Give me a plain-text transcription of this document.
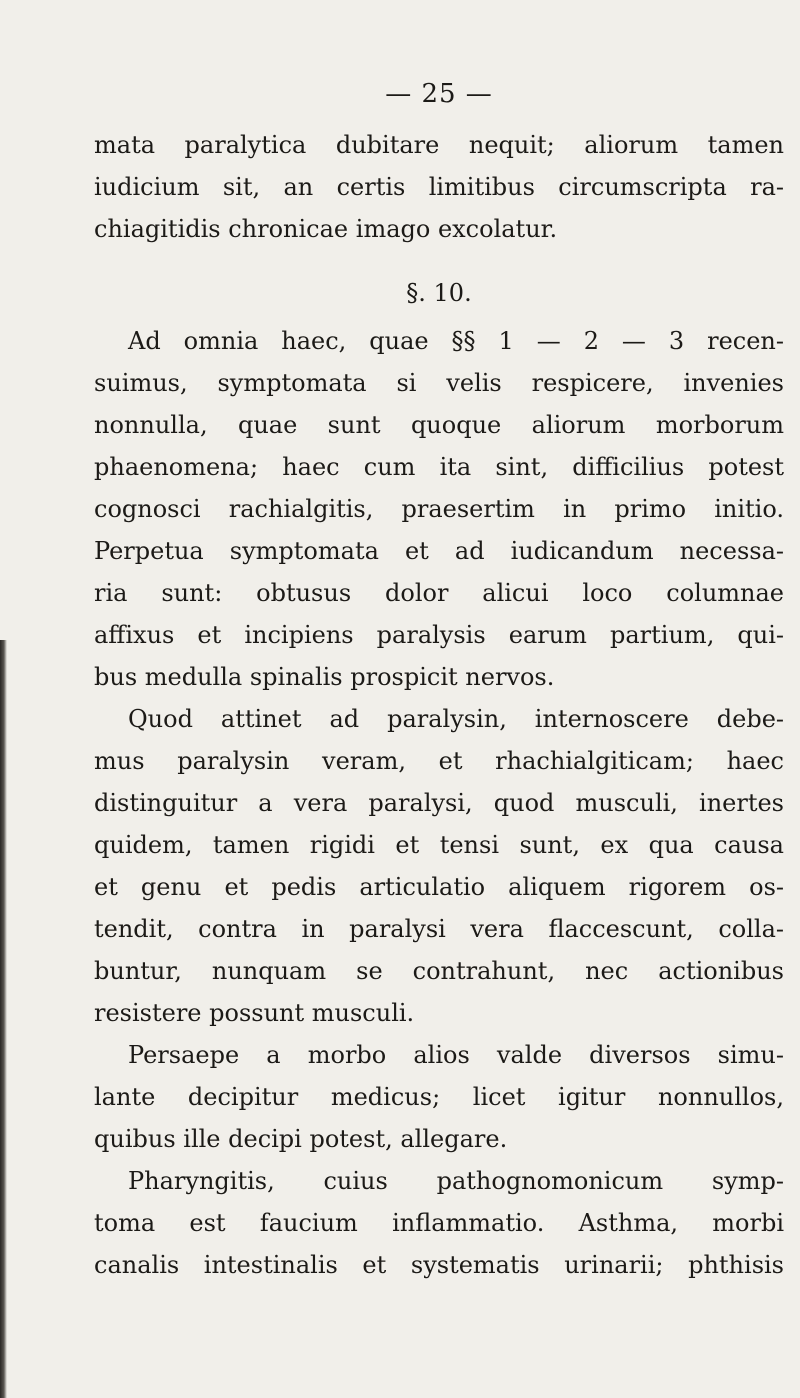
— 25 —
mata paralytica dubitare nequit; aliorum tamen
iudicium sit, an certis limitibus circumscripta ra-
chiagitidis chronicae imago excolatur.
§. 10.
Ad omnia haec, quae §§ 1 — 2 — 3 recen-
suimus, symptomata si velis respicere, invenies
nonnulla, quae sunt quoque aliorum morborum
phaenomena; haec cum ita sint, difficilius potest
cognosci rachialgitis, praesertim in primo initio.
Perpetua symptomata et ad iudicandum necessa-
ria sunt: obtusus dolor alicui loco columnae
affixus et incipiens paralysis earum partium, qui-
bus medulla spinalis prospicit nervos.
Quod attinet ad paralysin, internoscere debe-
mus paralysin veram, et rhachialgiticam; haec
distinguitur a vera paralysi, quod musculi, inertes
quidem, tamen rigidi et tensi sunt, ex qua causa
et genu et pedis articulatio aliquem rigorem os-
tendit, contra in paralysi vera flaccescunt, colla-
buntur, nunquam se contrahunt, nec actionibus
resistere possunt musculi.
Persaepe a morbo alios valde diversos simu-
lante decipitur medicus; licet igitur nonnullos,
quibus ille decipi potest, allegare.
Pharyngitis, cuius pathognomonicum symp-
toma est faucium inflammatio. Asthma, morbi
canalis intestinalis et systematis urinarii; phthisis
